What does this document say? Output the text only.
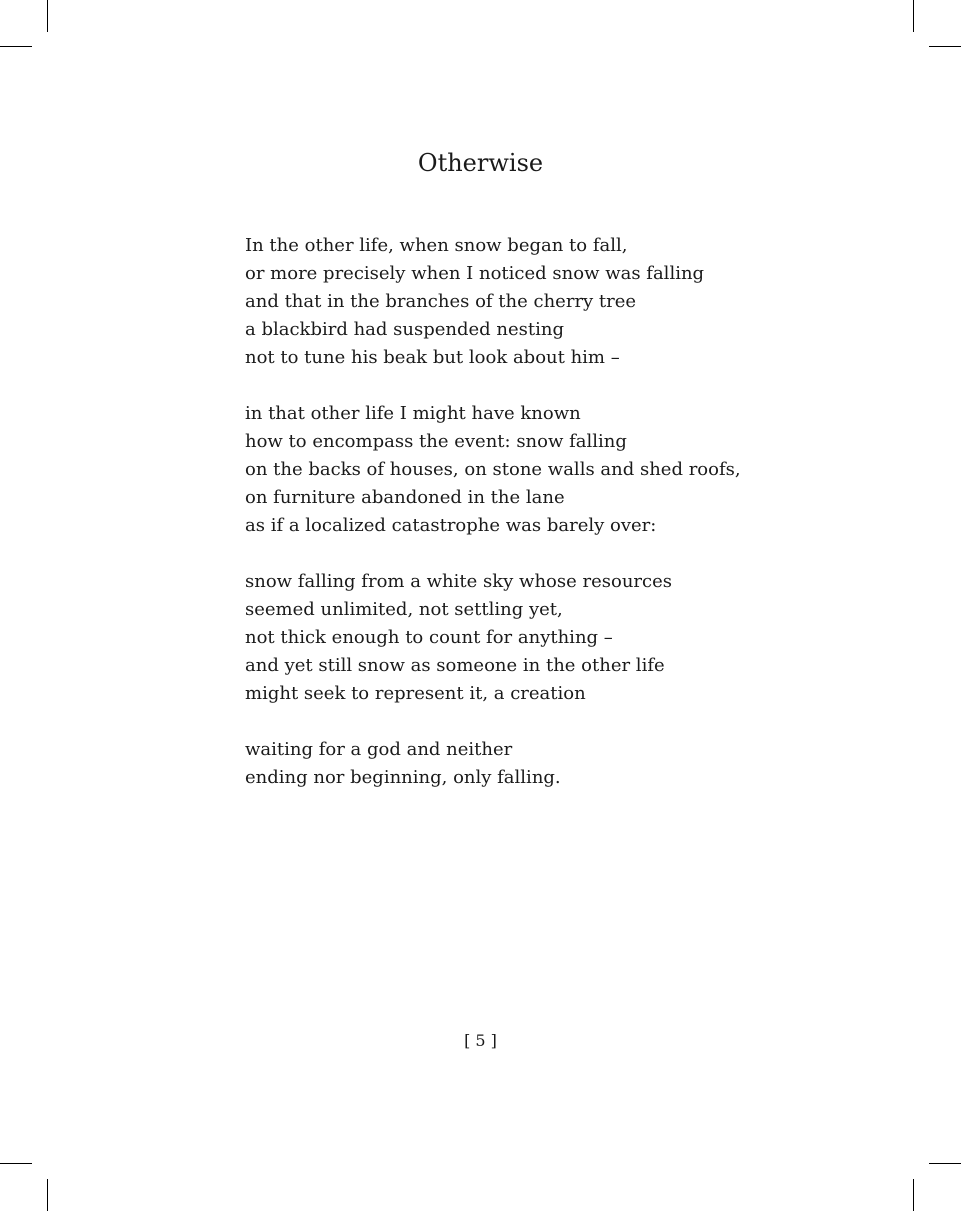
Otherwise
In the other life, when snow began to fall,
or more precisely when I noticed snow was falling
and that in the branches of the cherry tree
a blackbird had suspended nesting
not to tune his beak but look about him –
in that other life I might have known
how to encompass the event: snow falling
on the backs of houses, on stone walls and shed roofs,
on furniture abandoned in the lane
as if a localized catastrophe was barely over:
snow falling from a white sky whose resources
seemed unlimited, not settling yet,
not thick enough to count for anything –
and yet still snow as someone in the other life
might seek to represent it, a creation
waiting for a god and neither
ending nor beginning, only falling.
[ 5 ]
